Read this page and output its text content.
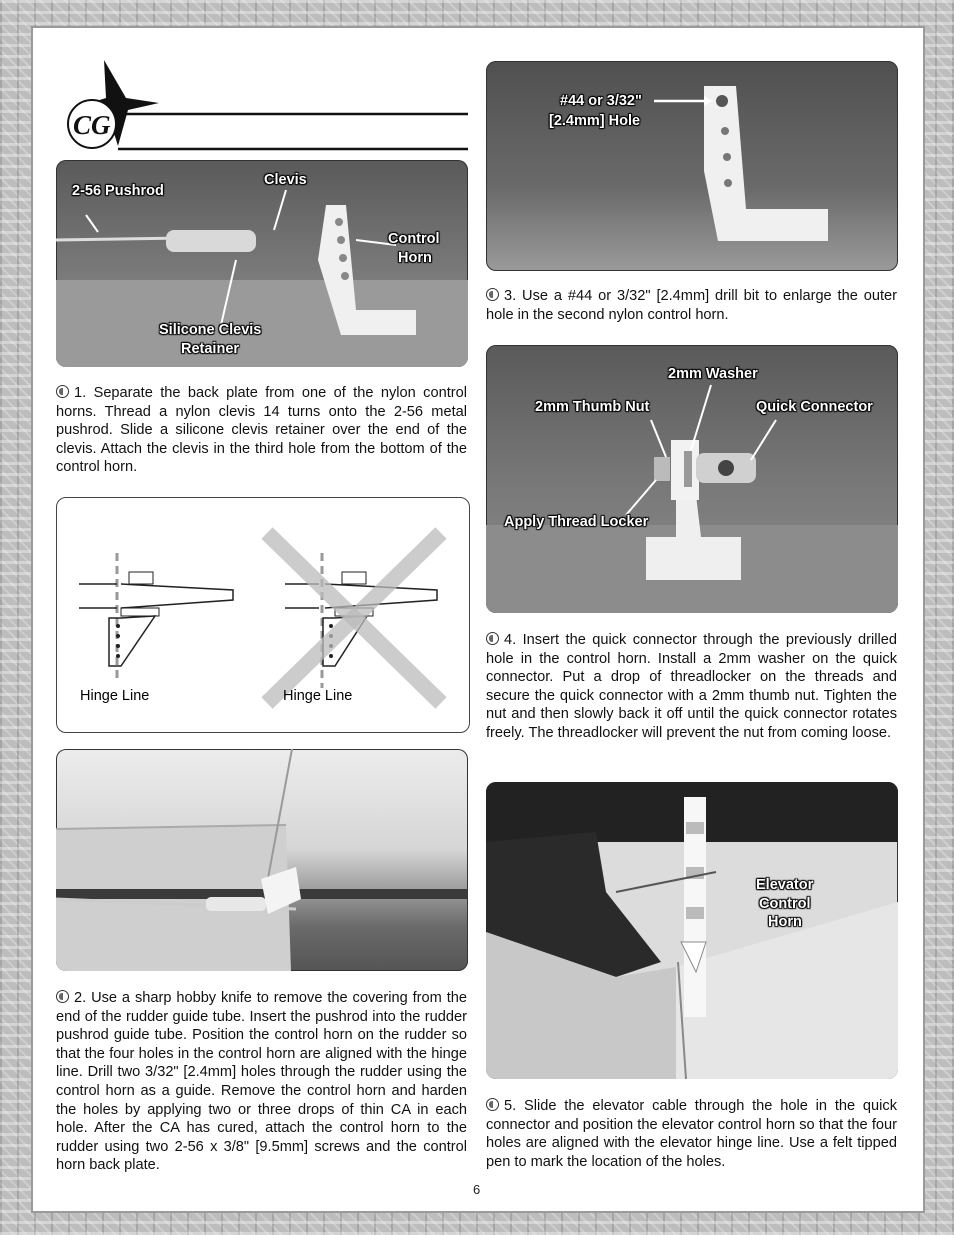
CG
2-56 Pushrod
Clevis
Control
Horn
Silicone Clevis
Retainer
1. Separate the back plate from one of the nylon control horns. Thread a nylon clevis 14 turns onto the 2-56 metal pushrod. Slide a silicone clevis retainer over the end of the clevis. Attach the clevis in the third hole from the bottom of the control horn.
Hinge Line	Hinge Line
2. Use a sharp hobby knife to remove the covering from the end of the rudder guide tube. Insert the pushrod into the rudder pushrod guide tube. Position the control horn on the rudder so that the four holes in the control horn are aligned with the hinge line. Drill two 3/32" [2.4mm] holes through the rudder using the control horn as a guide. Remove the control horn and harden the holes by applying two or three drops of thin CA in each hole. After the CA has cured, attach the control horn to the rudder using two 2-56 x 3/8" [9.5mm] screws and the control horn back plate.
#44 or 3/32"
[2.4mm] Hole
3. Use a #44 or 3/32" [2.4mm] drill bit to enlarge the outer hole in the second nylon control horn.
2mm Washer
2mm Thumb Nut	Quick Connector
Apply Thread Locker
4. Insert the quick connector through the previously drilled hole in the control horn. Install a 2mm washer on the quick connector. Put a drop of threadlocker on the threads and secure the quick connector with a 2mm thumb nut. Tighten the nut and then slowly back it off until the quick connector rotates freely. The threadlocker will prevent the nut from coming loose.
Elevator
Control
Horn
5. Slide the elevator cable through the hole in the quick connector and position the elevator control horn so that the four holes are aligned with the elevator hinge line. Use a felt tipped pen to mark the location of the holes.
6
